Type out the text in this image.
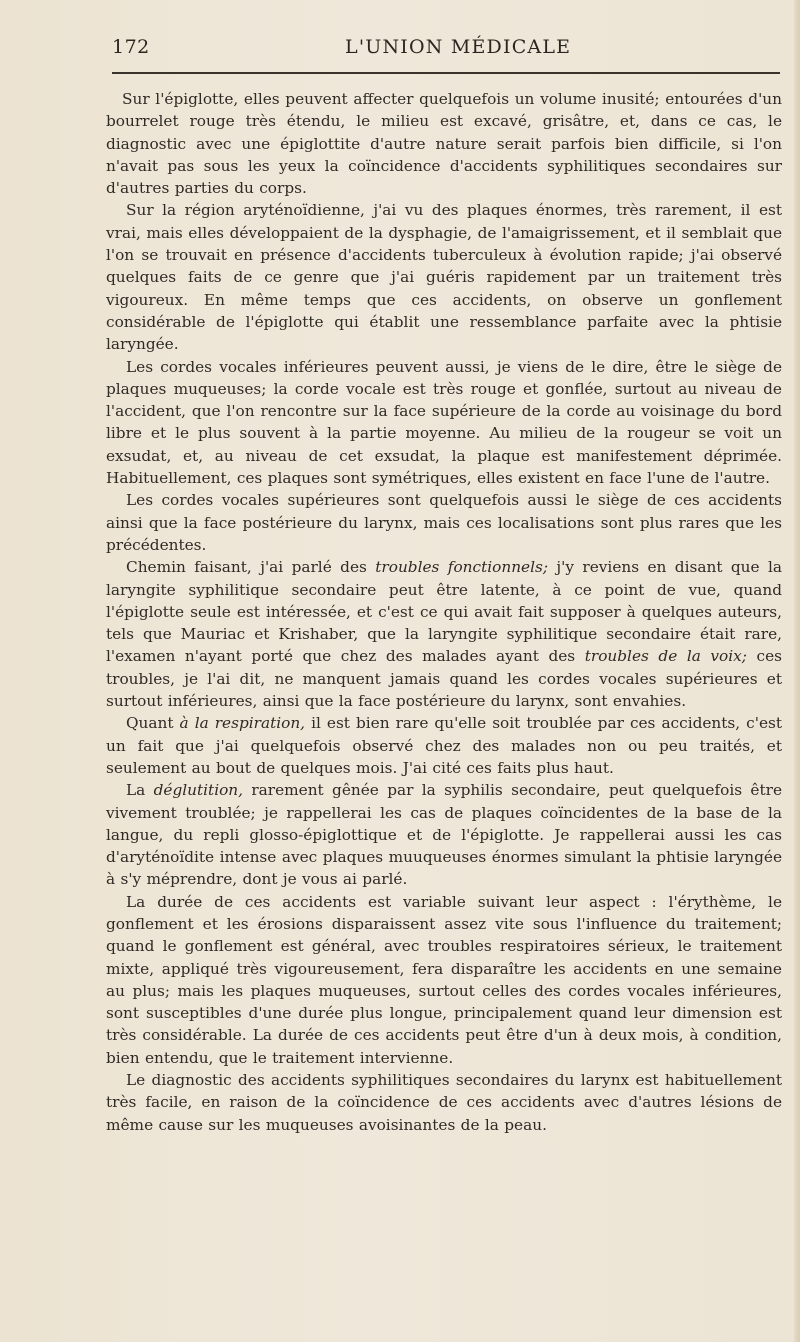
172	L'UNION MÉDICALE

Sur l'épiglotte, elles peuvent affecter quelquefois un volume inusité; entourées d'un bourrelet rouge très étendu, le milieu est excavé, grisâtre, et, dans ce cas, le diagnostic avec une épiglottite d'autre nature serait parfois bien difficile, si l'on n'avait pas sous les yeux la coïncidence d'accidents syphilitiques secondaires sur d'autres parties du corps.

Sur la région aryténoïdienne, j'ai vu des plaques énormes, très rarement, il est vrai, mais elles développaient de la dysphagie, de l'amaigrissement, et il semblait que l'on se trouvait en présence d'accidents tuberculeux à évolution rapide; j'ai observé quelques faits de ce genre que j'ai guéris rapidement par un traitement très vigoureux. En même temps que ces accidents, on observe un gonflement considérable de l'épiglotte qui établit une ressemblance parfaite avec la phtisie laryngée.

Les cordes vocales inférieures peuvent aussi, je viens de le dire, être le siège de plaques muqueuses; la corde vocale est très rouge et gonflée, surtout au niveau de l'accident, que l'on rencontre sur la face supérieure de la corde au voisinage du bord libre et le plus souvent à la partie moyenne. Au milieu de la rougeur se voit un exsudat, et, au niveau de cet exsudat, la plaque est manifestement déprimée. Habituellement, ces plaques sont symétriques, elles existent en face l'une de l'autre.

Les cordes vocales supérieures sont quelquefois aussi le siège de ces accidents ainsi que la face postérieure du larynx, mais ces localisations sont plus rares que les précédentes.

Chemin faisant, j'ai parlé des troubles fonctionnels; j'y reviens en disant que la laryngite syphilitique secondaire peut être latente, à ce point de vue, quand l'épiglotte seule est intéressée, et c'est ce qui avait fait supposer à quelques auteurs, tels que Mauriac et Krishaber, que la laryngite syphilitique secondaire était rare, l'examen n'ayant porté que chez des malades ayant des troubles de la voix; ces troubles, je l'ai dit, ne manquent jamais quand les cordes vocales supérieures et surtout inférieures, ainsi que la face postérieure du larynx, sont envahies.

Quant à la respiration, il est bien rare qu'elle soit troublée par ces accidents, c'est un fait que j'ai quelquefois observé chez des malades non ou peu traités, et seulement au bout de quelques mois. J'ai cité ces faits plus haut.

La déglutition, rarement gênée par la syphilis secondaire, peut quelquefois être vivement troublée; je rappellerai les cas de plaques coïncidentes de la base de la langue, du repli glosso-épiglottique et de l'épiglotte. Je rappellerai aussi les cas d'aryténoïdite intense avec plaques muuqueuses énormes simulant la phtisie laryngée à s'y méprendre, dont je vous ai parlé.

La durée de ces accidents est variable suivant leur aspect : l'érythème, le gonflement et les érosions disparaissent assez vite sous l'influence du traitement; quand le gonflement est général, avec troubles respiratoires sérieux, le traitement mixte, appliqué très vigoureusement, fera disparaître les accidents en une semaine au plus; mais les plaques muqueuses, surtout celles des cordes vocales inférieures, sont susceptibles d'une durée plus longue, principalement quand leur dimension est très considérable. La durée de ces accidents peut être d'un à deux mois, à condition, bien entendu, que le traitement intervienne.

Le diagnostic des accidents syphilitiques secondaires du larynx est habituellement très facile, en raison de la coïncidence de ces accidents avec d'autres lésions de même cause sur les muqueuses avoisinantes de la peau.
